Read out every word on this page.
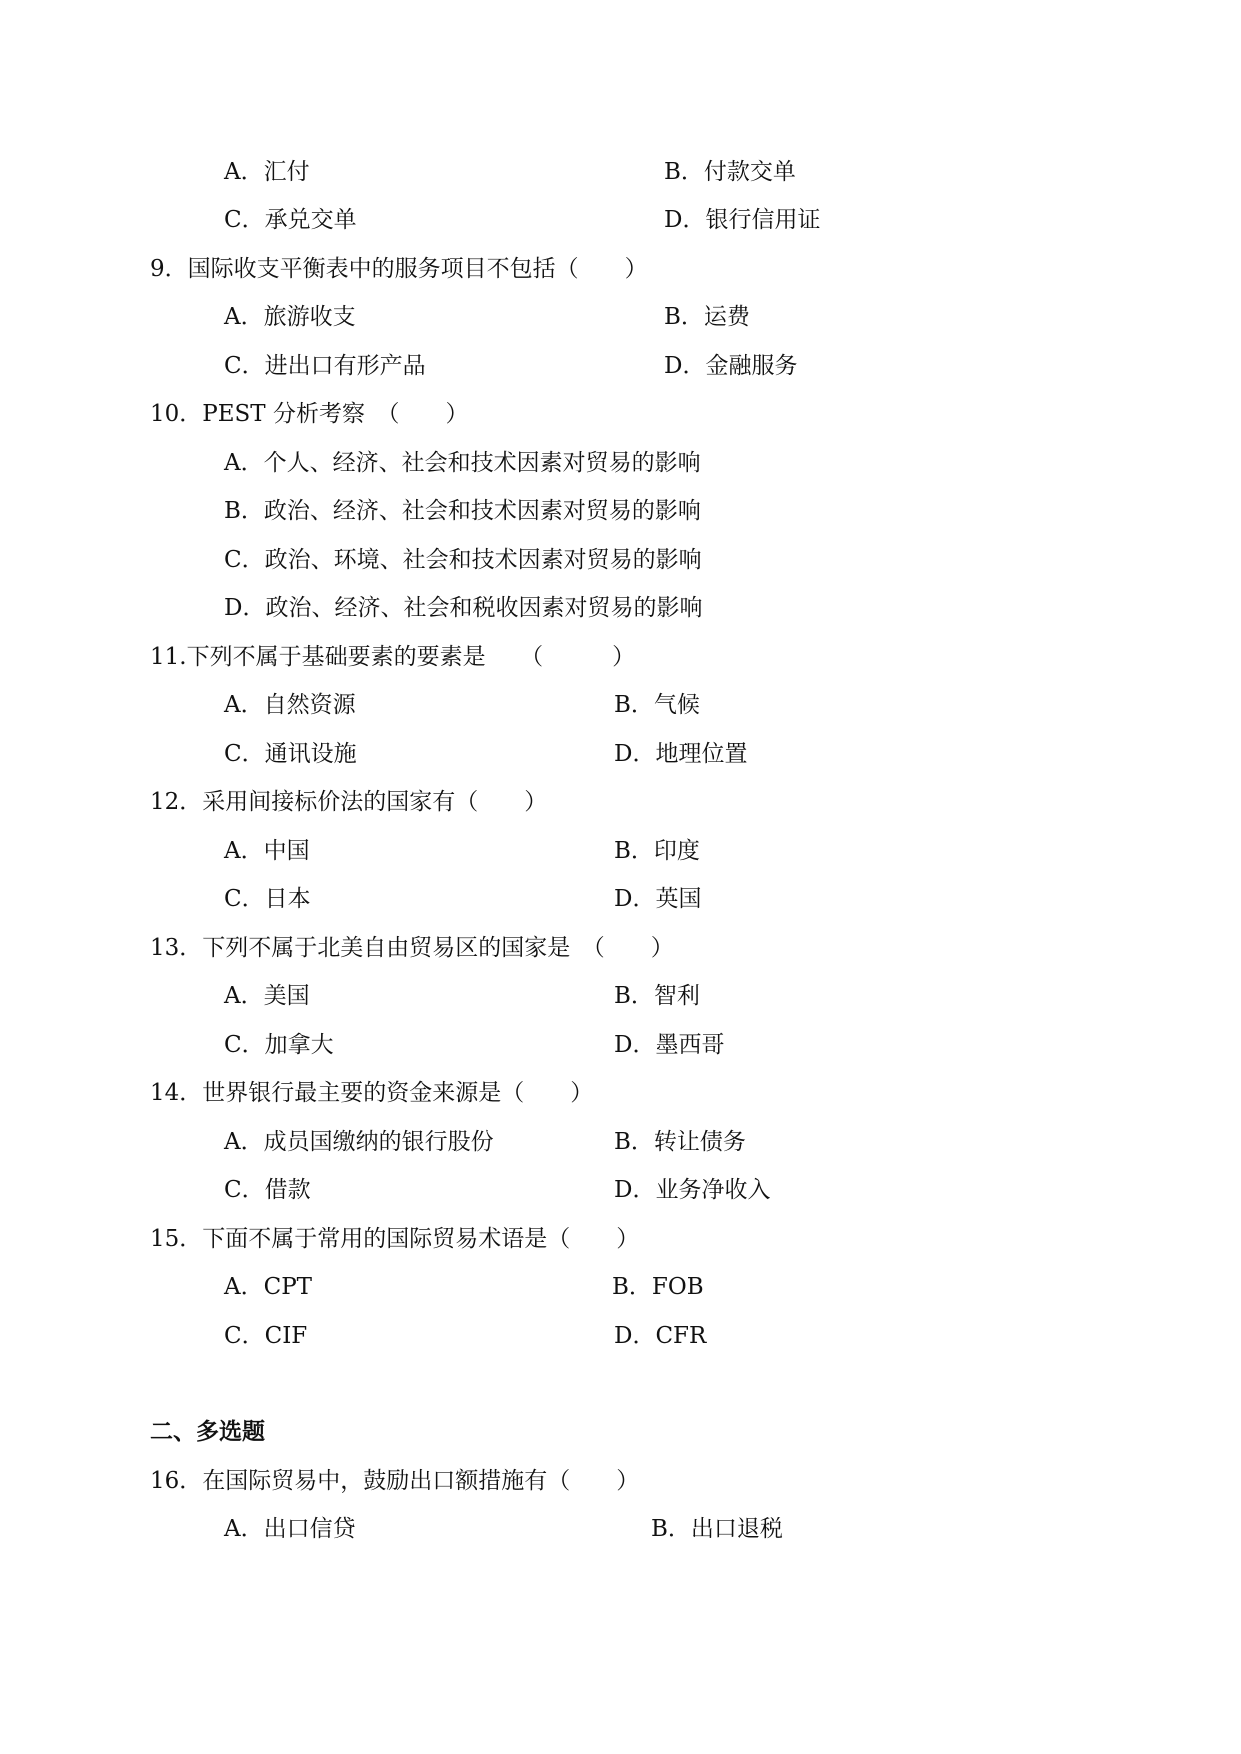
A．汇付	B．付款交单
C．承兑交单	D．银行信用证
9．国际收支平衡表中的服务项目不包括（　　）
A．旅游收支	B．运费
C．进出口有形产品	D．金融服务
10．PEST 分析考察　（　　）
A．个人、经济、社会和技术因素对贸易的影响
B．政治、经济、社会和技术因素对贸易的影响
C．政治、环境、社会和技术因素对贸易的影响
D．政治、经济、社会和税收因素对贸易的影响
11.下列不属于基础要素的要素是　　（　　　）
A．自然资源	B．气候
C．通讯设施	D．地理位置
12．采用间接标价法的国家有（　　）
A．中国	B．印度
C．日本	D．英国
13．下列不属于北美自由贸易区的国家是　（　　）
A．美国	B．智利
C．加拿大	D．墨西哥
14．世界银行最主要的资金来源是（　　）
A．成员国缴纳的银行股份	B．转让债务
C．借款	D．业务净收入
15．下面不属于常用的国际贸易术语是（　　）
A．CPT	B．FOB
C．CIF	D．CFR
二、多选题
16．在国际贸易中，鼓励出口额措施有（　　）
A．出口信贷	B．出口退税
